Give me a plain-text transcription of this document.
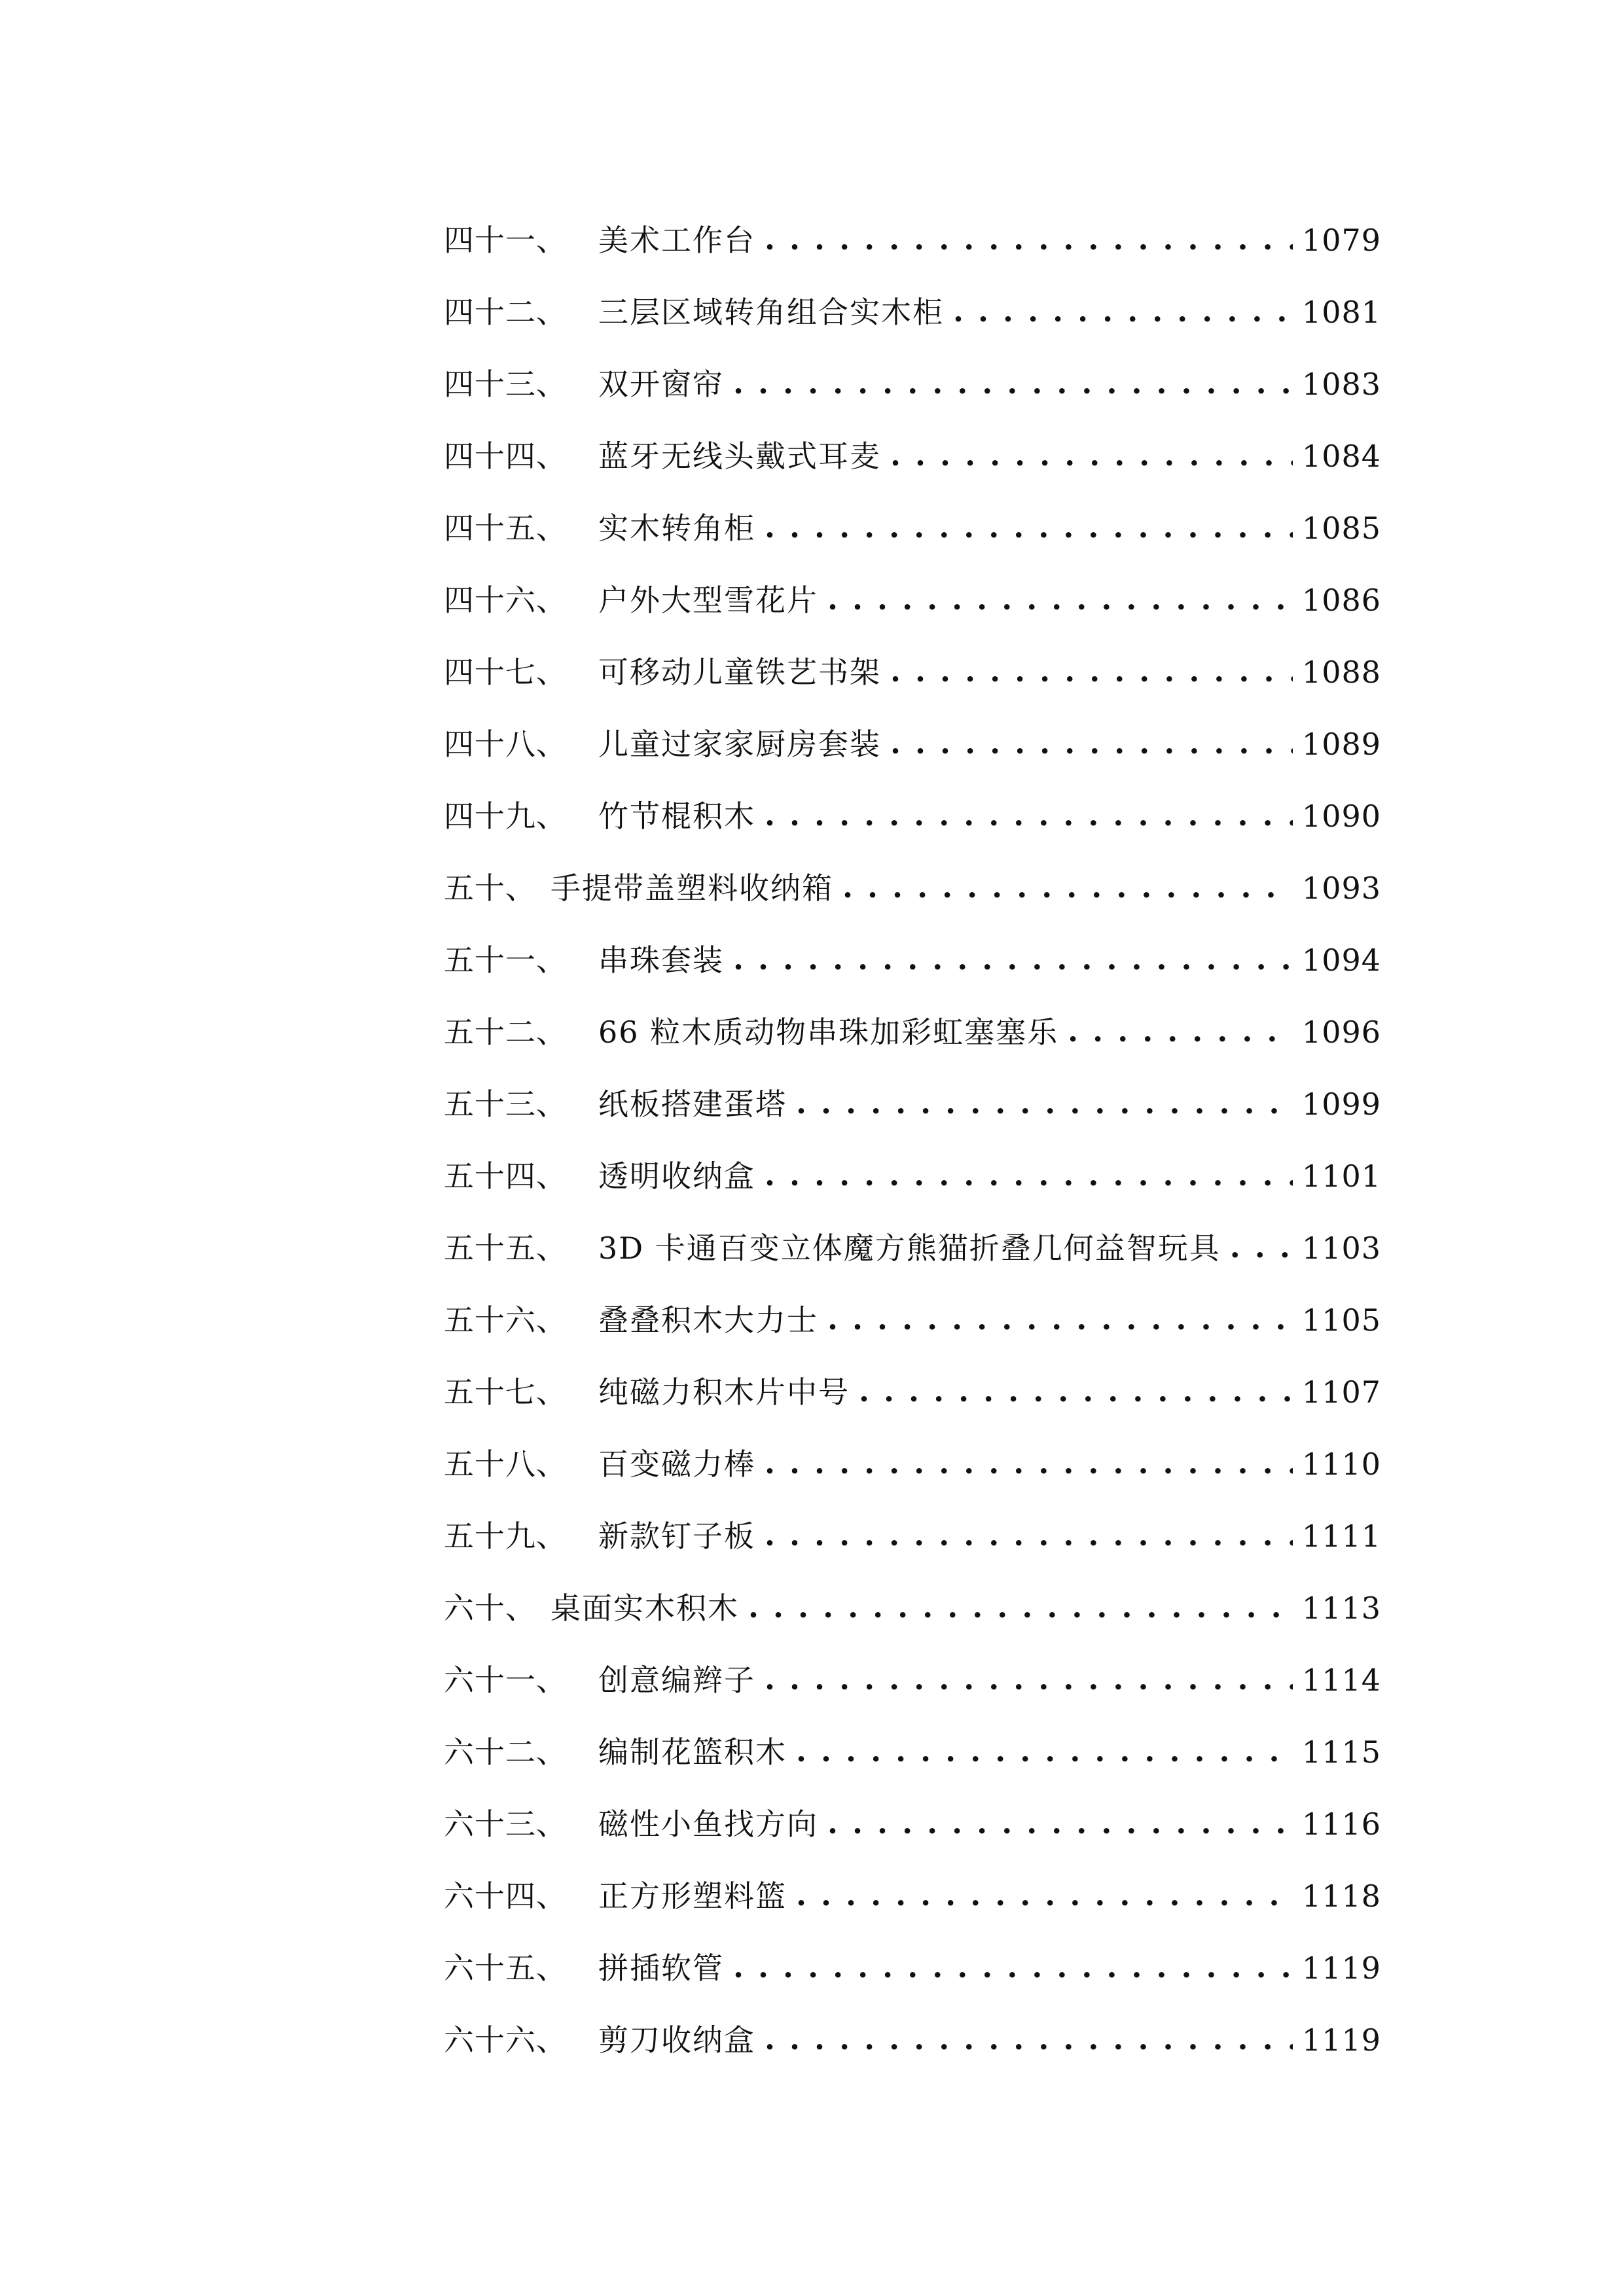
四十一、 美术工作台 . . .	1079
四十二、 三层区域转角组合实木柜 . . .	1081
四十三、 双开窗帘 . . .	1083
四十四、 蓝牙无线头戴式耳麦 . . .	1084
四十五、 实木转角柜 . . .	1085
四十六、 户外大型雪花片 . . .	1086
四十七、 可移动儿童铁艺书架 . . .	1088
四十八、 儿童过家家厨房套装 . . .	1089
四十九、 竹节棍积木 . . .	1090
五十、 手提带盖塑料收纳箱 . . .	1093
五十一、 串珠套装 . . .	1094
五十二、 66 粒木质动物串珠加彩虹塞塞乐 . . .	1096
五十三、 纸板搭建蛋塔 . . .	1099
五十四、 透明收纳盒 . . .	1101
五十五、 3D 卡通百变立体魔方熊猫折叠几何益智玩具 . . .	1103
五十六、 叠叠积木大力士 . . .	1105
五十七、 纯磁力积木片中号 . . .	1107
五十八、 百变磁力棒 . . .	1110
五十九、 新款钉子板 . . .	1111
六十、 桌面实木积木 . . .	1113
六十一、 创意编辫子 . . .	1114
六十二、 编制花篮积木 . . .	1115
六十三、 磁性小鱼找方向 . . .	1116
六十四、 正方形塑料篮 . . .	1118
六十五、 拼插软管 . . .	1119
六十六、 剪刀收纳盒 . . .	1119
